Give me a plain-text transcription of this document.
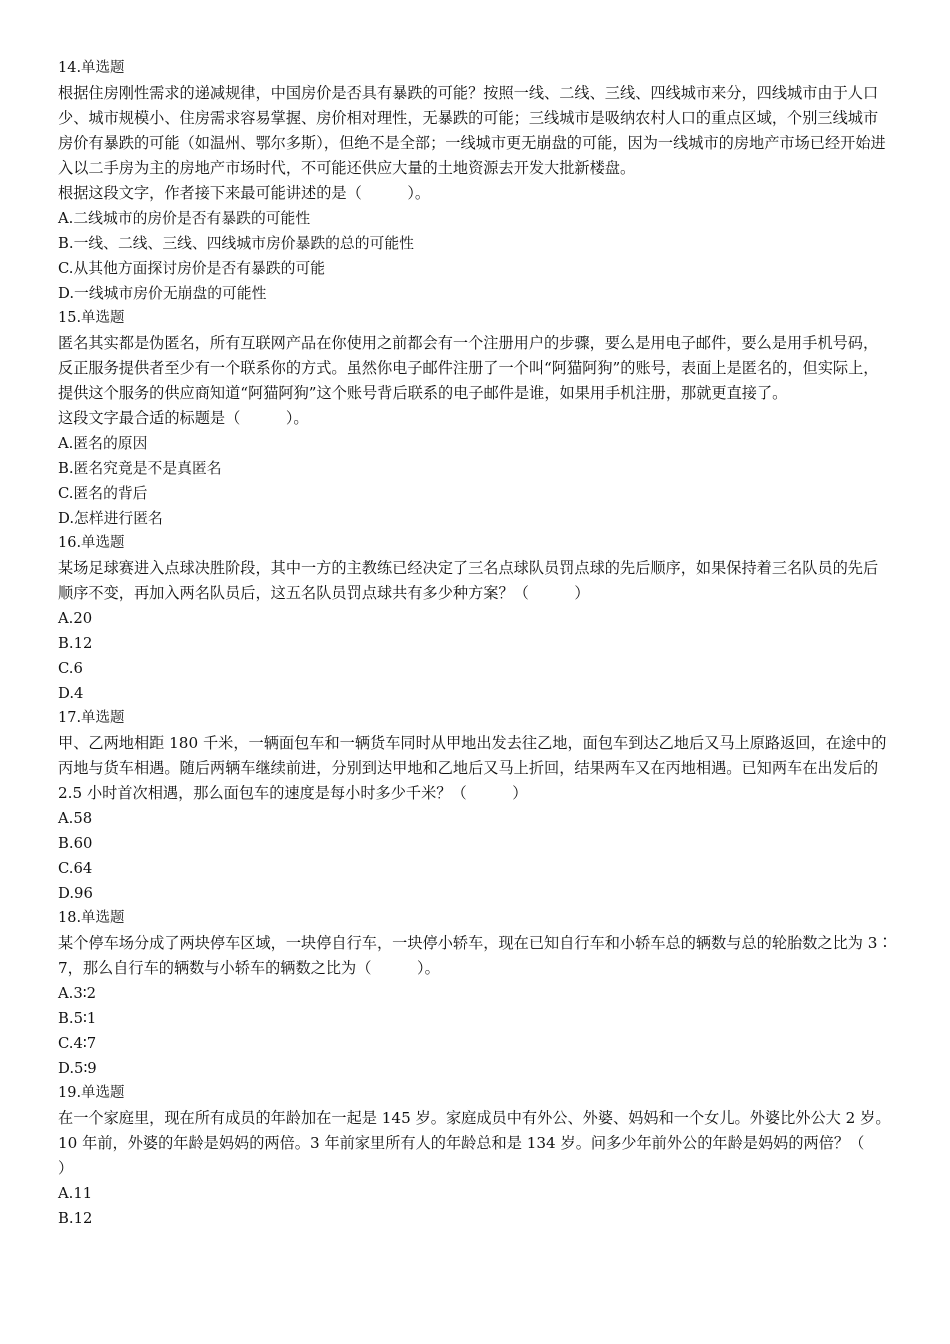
14.单选题

根据住房刚性需求的递减规律，中国房价是否具有暴跌的可能？按照一线、二线、三线、四线城市来分，四线城市由于人口少、城市规模小、住房需求容易掌握、房价相对理性，无暴跌的可能；三线城市是吸纳农村人口的重点区域，个别三线城市房价有暴跌的可能（如温州、鄂尔多斯），但绝不是全部；一线城市更无崩盘的可能，因为一线城市的房地产市场已经开始进入以二手房为主的房地产市场时代，不可能还供应大量的土地资源去开发大批新楼盘。

根据这段文字，作者接下来最可能讲述的是（　　　）。

A.二线城市的房价是否有暴跌的可能性

B.一线、二线、三线、四线城市房价暴跌的总的可能性

C.从其他方面探讨房价是否有暴跌的可能

D.一线城市房价无崩盘的可能性

15.单选题

匿名其实都是伪匿名，所有互联网产品在你使用之前都会有一个注册用户的步骤，要么是用电子邮件，要么是用手机号码，反正服务提供者至少有一个联系你的方式。虽然你电子邮件注册了一个叫“阿猫阿狗”的账号，表面上是匿名的，但实际上，提供这个服务的供应商知道“阿猫阿狗”这个账号背后联系的电子邮件是谁，如果用手机注册，那就更直接了。

这段文字最合适的标题是（　　　）。

A.匿名的原因

B.匿名究竟是不是真匿名

C.匿名的背后

D.怎样进行匿名

16.单选题

某场足球赛进入点球决胜阶段，其中一方的主教练已经决定了三名点球队员罚点球的先后顺序，如果保持着三名队员的先后顺序不变，再加入两名队员后，这五名队员罚点球共有多少种方案？（　　　）

A.20

B.12

C.6

D.4

17.单选题

甲、乙两地相距 180 千米，一辆面包车和一辆货车同时从甲地出发去往乙地，面包车到达乙地后又马上原路返回，在途中的丙地与货车相遇。随后两辆车继续前进，分别到达甲地和乙地后又马上折回，结果两车又在丙地相遇。已知两车在出发后的 2.5 小时首次相遇，那么面包车的速度是每小时多少千米？（　　　）

A.58

B.60

C.64

D.96

18.单选题

某个停车场分成了两块停车区域，一块停自行车，一块停小轿车，现在已知自行车和小轿车总的辆数与总的轮胎数之比为 3∶7，那么自行车的辆数与小轿车的辆数之比为（　　　）。

A.3∶2

B.5∶1

C.4∶7

D.5∶9

19.单选题

在一个家庭里，现在所有成员的年龄加在一起是 145 岁。家庭成员中有外公、外婆、妈妈和一个女儿。外婆比外公大 2 岁。10 年前，外婆的年龄是妈妈的两倍。3 年前家里所有人的年龄总和是 134 岁。问多少年前外公的年龄是妈妈的两倍？（　　　）

A.11

B.12
